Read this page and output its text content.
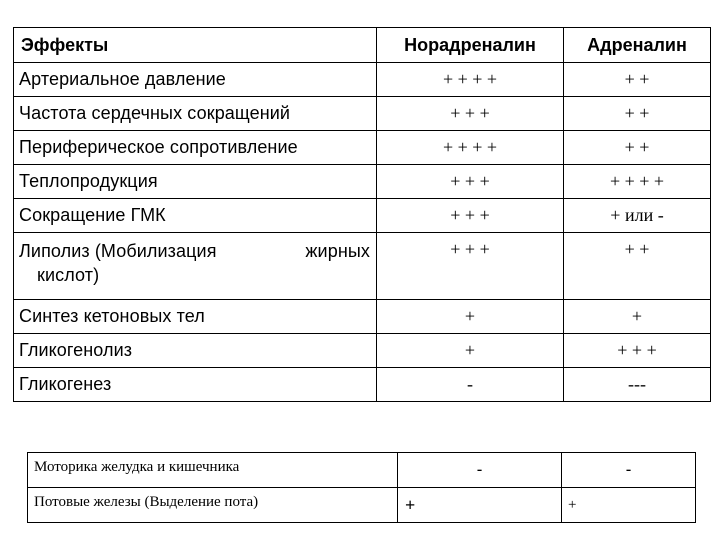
Эффекты	Норадреналин	Адреналин
Артериальное давление	+ + + +	+ +
Частота сердечных сокращений	+ + +	+ +
Периферическое сопротивление	+ + + +	+ +
Теплопродукция	+ + +	+ + + +
Сокращение ГМК	+ + +	+ или -

Липолиз (Мобилизация жирных
кислот)	+ + +	+ +
Синтез кетоновых тел	+	+
Гликогенолиз	+	+ + +
Гликогенез	-	---
Моторика желудка и кишечника	-	-
Потовые железы (Выделение пота)	+	+
